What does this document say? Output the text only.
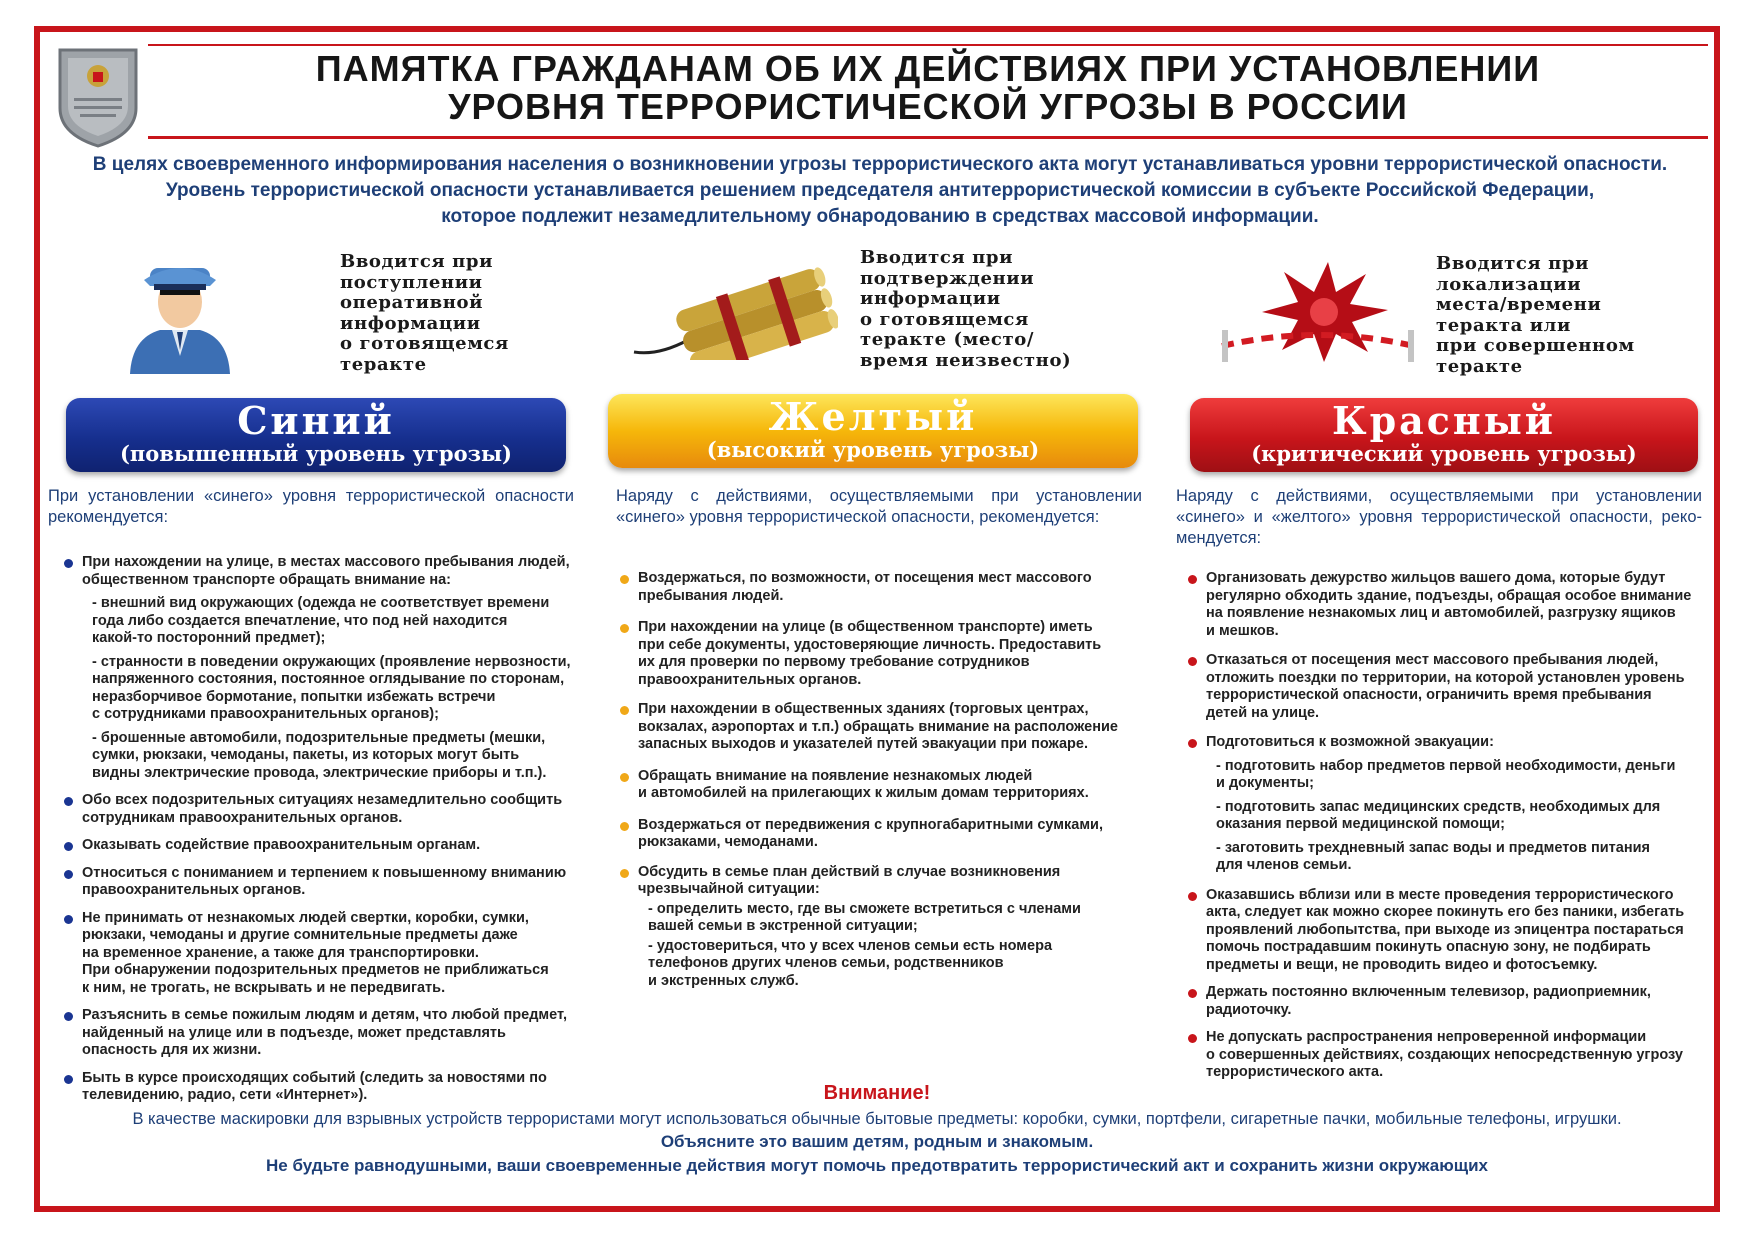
ПАМЯТКА ГРАЖДАНАМ ОБ ИХ ДЕЙСТВИЯХ ПРИ УСТАНОВЛЕНИИ
УРОВНЯ ТЕРРОРИСТИЧЕСКОЙ УГРОЗЫ В РОССИИ
В целях своевременного информирования населения о возникновении угрозы террористического акта могут устанавливаться уровни террористической опасности.
Уровень террористической опасности устанавливается решением председателя антитеррористической комиссии в субъекте Российской Федерации,
которое подлежит незамедлительному обнародованию в средствах массовой информации.
Вводится при
поступлении
оперативной
информации
о готовящемся
теракте
Вводится при
подтверждении
информации
о готовящемся
теракте (место/
время неизвестно)
Вводится при
локализации
места/времени
теракта или
при совершенном
теракте
Синий
(повышенный уровень угрозы)
Желтый
(высокий уровень угрозы)
Красный
(критический уровень угрозы)
При установлении «синего» уровня террористической опасности рекомендуется:
Наряду с действиями, осуществляемыми при установлении «синего» уровня террористической опасности, рекомендуется:
Наряду с действиями, осуществляемыми при установлении «синего» и «желтого» уровня террористической опасности, реко-мендуется:
При нахождении на улице, в местах массового пребывания людей,
общественном транспорте обращать внимание на:
- внешний вид окружающих (одежда не соответствует времени
года либо создается впечатление, что под ней находится
какой-то посторонний предмет);
- странности в поведении окружающих (проявление нервозности,
напряженного состояния, постоянное оглядывание по сторонам,
неразборчивое бормотание, попытки избежать встречи
с сотрудниками правоохранительных органов);
- брошенные автомобили, подозрительные предметы (мешки,
сумки, рюкзаки, чемоданы, пакеты, из которых могут быть
видны электрические провода, электрические приборы и т.п.).
Обо всех подозрительных ситуациях незамедлительно сообщить
сотрудникам правоохранительных органов.
Оказывать содействие правоохранительным органам.
Относиться с пониманием и терпением к повышенному вниманию
правоохранительных органов.
Не принимать от незнакомых людей свертки, коробки, сумки,
рюкзаки, чемоданы и другие сомнительные предметы даже
на временное хранение, а также для транспортировки.
При обнаружении подозрительных предметов не приближаться
к ним, не трогать, не вскрывать и не передвигать.
Разъяснить в семье пожилым людям и детям, что любой предмет,
найденный на улице или в подъезде, может представлять
опасность для их жизни.
Быть в курсе происходящих событий (следить за новостями по
телевидению, радио, сети «Интернет»).
Воздержаться, по возможности, от посещения мест массового
пребывания людей.
При нахождении на улице (в общественном транспорте) иметь
при себе документы, удостоверяющие личность. Предоставить
их для проверки по первому требование сотрудников
правоохранительных органов.
При нахождении в общественных зданиях (торговых центрах,
вокзалах, аэропортах и т.п.) обращать внимание на расположение
запасных выходов и указателей путей эвакуации при пожаре.
Обращать внимание на появление незнакомых людей
и автомобилей на прилегающих к жилым домам территориях.
Воздержаться от передвижения с крупногабаритными сумками,
рюкзаками, чемоданами.
Обсудить в семье план действий в случае возникновения
чрезвычайной ситуации:
- определить место, где вы сможете встретиться с членами
вашей семьи в экстренной ситуации;
- удостовериться, что у всех членов семьи есть номера
телефонов других членов семьи, родственников
и экстренных служб.
Организовать дежурство жильцов вашего дома, которые будут
регулярно обходить здание, подъезды, обращая особое внимание
на появление незнакомых лиц и автомобилей, разгрузку ящиков
и мешков.
Отказаться от посещения мест массового пребывания людей,
отложить поездки по территории, на которой установлен уровень
террористической опасности, ограничить время пребывания
детей на улице.
Подготовиться к возможной эвакуации:
- подготовить набор предметов первой необходимости, деньги
и документы;
- подготовить запас медицинских средств, необходимых для
оказания первой медицинской помощи;
- заготовить трехдневный запас воды и предметов питания
для членов семьи.
Оказавшись вблизи или в месте проведения террористического
акта, следует как можно скорее покинуть его без паники, избегать
проявлений любопытства, при выходе из эпицентра постараться
помочь пострадавшим покинуть опасную зону, не подбирать
предметы и вещи, не проводить видео и фотосъемку.
Держать постоянно включенным телевизор, радиоприемник,
радиоточку.
Не допускать распространения непроверенной информации
о совершенных действиях, создающих непосредственную угрозу
террористического акта.
Внимание!
В качестве маскировки для взрывных устройств террористами могут использоваться обычные бытовые предметы: коробки, сумки, портфели, сигаретные пачки, мобильные телефоны, игрушки.
Объясните это вашим детям, родным и знакомым.
Не будьте равнодушными, ваши своевременные действия могут помочь предотвратить террористический акт и сохранить жизни окружающих
